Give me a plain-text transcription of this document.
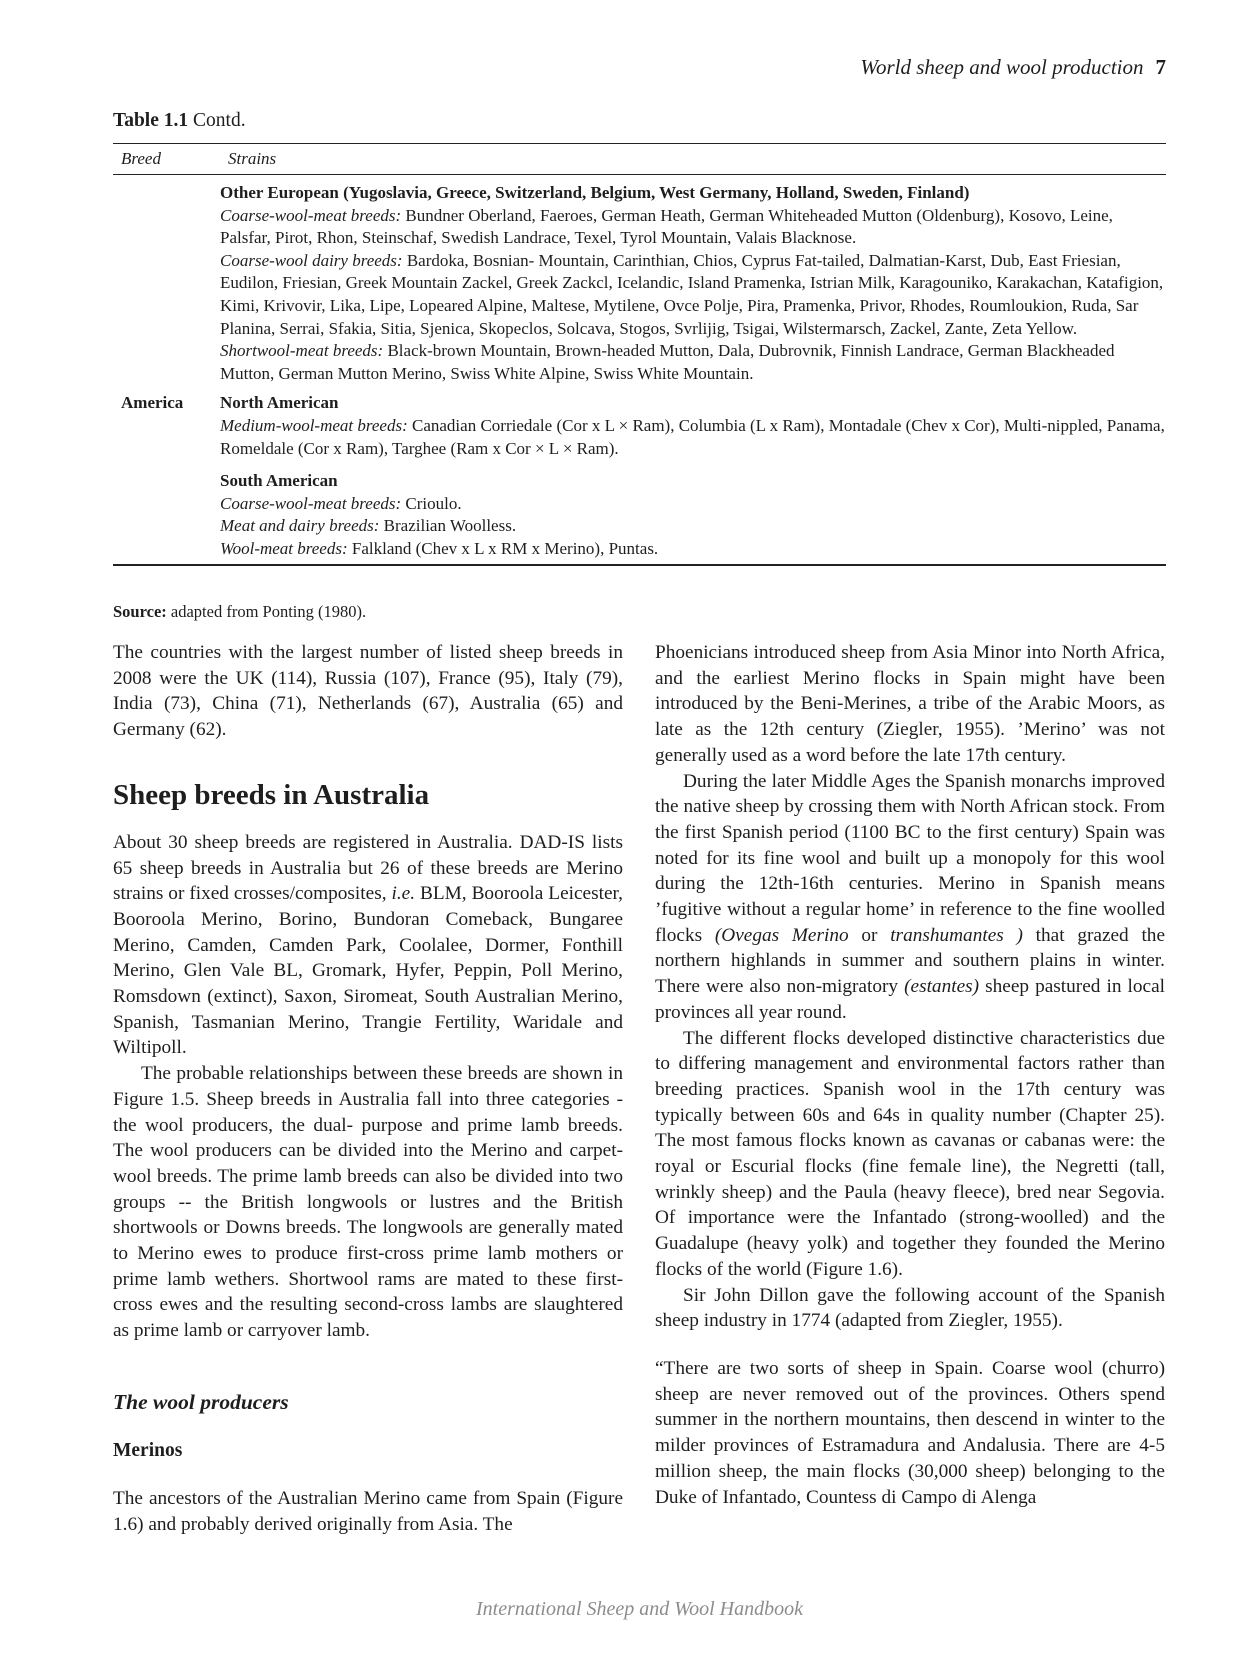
World sheep and wool production 7
Table 1.1 Contd.
Breed	Strains
Other European (Yugoslavia, Greece, Switzerland, Belgium, West Germany, Holland, Sweden, Finland)
Coarse-wool-meat breeds: Bundner Oberland, Faeroes, German Heath, German Whiteheaded Mutton (Oldenburg), Kosovo, Leine, Palsfar, Pirot, Rhon, Steinschaf, Swedish Landrace, Texel, Tyrol Mountain, Valais Blacknose.
Coarse-wool dairy breeds: Bardoka, Bosnian- Mountain, Carinthian, Chios, Cyprus Fat-tailed, Dalmatian-Karst, Dub, East Friesian, Eudilon, Friesian, Greek Mountain Zackel, Greek Zackcl, Icelandic, Island Pramenka, Istrian Milk, Karagouniko, Karakachan, Katafigion, Kimi, Krivovir, Lika, Lipe, Lopeared Alpine, Maltese, Mytilene, Ovce Polje, Pira, Pramenka, Privor, Rhodes, Roumloukion, Ruda, Sar Planina, Serrai, Sfakia, Sitia, Sjenica, Skopeclos, Solcava, Stogos, Svrlijig, Tsigai, Wilstermarsch, Zackel, Zante, Zeta Yellow.
Shortwool-meat breeds: Black-brown Mountain, Brown-headed Mutton, Dala, Dubrovnik, Finnish Landrace, German Blackheaded Mutton, German Mutton Merino, Swiss White Alpine, Swiss White Mountain.
America	North American
Medium-wool-meat breeds: Canadian Corriedale (Cor x L × Ram), Columbia (L x Ram), Montadale (Chev x Cor), Multi-nippled, Panama, Romeldale (Cor x Ram), Targhee (Ram x Cor × L × Ram).
South American
Coarse-wool-meat breeds: Crioulo.
Meat and dairy breeds: Brazilian Woolless.
Wool-meat breeds: Falkland (Chev x L x RM x Merino), Puntas.
Source: adapted from Ponting (1980).

The countries with the largest number of listed sheep breeds in 2008 were the UK (114), Russia (107), France (95), Italy (79), India (73), China (71), Netherlands (67), Australia (65) and Germany (62).

Sheep breeds in Australia

About 30 sheep breeds are registered in Australia. DAD-IS lists 65 sheep breeds in Australia but 26 of these breeds are Merino strains or fixed crosses/composites, i.e. BLM, Booroola Leicester, Booroola Merino, Borino, Bundoran Comeback, Bungaree Merino, Camden, Camden Park, Coolalee, Dormer, Fonthill Merino, Glen Vale BL, Gromark, Hyfer, Peppin, Poll Merino, Romsdown (extinct), Saxon, Siromeat, South Australian Merino, Spanish, Tasmanian Merino, Trangie Fertility, Waridale and Wiltipoll.

The probable relationships between these breeds are shown in Figure 1.5. Sheep breeds in Australia fall into three categories - the wool producers, the dual- purpose and prime lamb breeds. The wool producers can be divided into the Merino and carpet-wool breeds. The prime lamb breeds can also be divided into two groups -- the British longwools or lustres and the British shortwools or Downs breeds. The longwools are generally mated to Merino ewes to produce first-cross prime lamb mothers or prime lamb wethers. Shortwool rams are mated to these first-cross ewes and the resulting second-cross lambs are slaughtered as prime lamb or carryover lamb.

The wool producers
Merinos

The ancestors of the Australian Merino came from Spain (Figure 1.6) and probably derived originally from Asia. The

Phoenicians introduced sheep from Asia Minor into North Africa, and the earliest Merino flocks in Spain might have been introduced by the Beni-Merines, a tribe of the Arabic Moors, as late as the 12th century (Ziegler, 1955). ’Merino’ was not generally used as a word before the late 17th century.

During the later Middle Ages the Spanish monarchs improved the native sheep by crossing them with North African stock. From the first Spanish period (1100 BC to the first century) Spain was noted for its fine wool and built up a monopoly for this wool during the 12th-16th centuries. Merino in Spanish means ’fugitive without a regular home’ in reference to the fine woolled flocks (Ovegas Merino or transhumantes ) that grazed the northern highlands in summer and southern plains in winter. There were also non-migratory (estantes) sheep pastured in local provinces all year round.

The different flocks developed distinctive characteristics due to differing management and environmental factors rather than breeding practices. Spanish wool in the 17th century was typically between 60s and 64s in quality number (Chapter 25). The most famous flocks known as cavanas or cabanas were: the royal or Escurial flocks (fine female line), the Negretti (tall, wrinkly sheep) and the Paula (heavy fleece), bred near Segovia. Of importance were the Infantado (strong-woolled) and the Guadalupe (heavy yolk) and together they founded the Merino flocks of the world (Figure 1.6).

Sir John Dillon gave the following account of the Spanish sheep industry in 1774 (adapted from Ziegler, 1955).

“There are two sorts of sheep in Spain. Coarse wool (churro) sheep are never removed out of the provinces. Others spend summer in the northern mountains, then descend in winter to the milder provinces of Estramadura and Andalusia. There are 4-5 million sheep, the main flocks (30,000 sheep) belonging to the Duke of Infantado, Countess di Campo di Alenga

International Sheep and Wool Handbook
